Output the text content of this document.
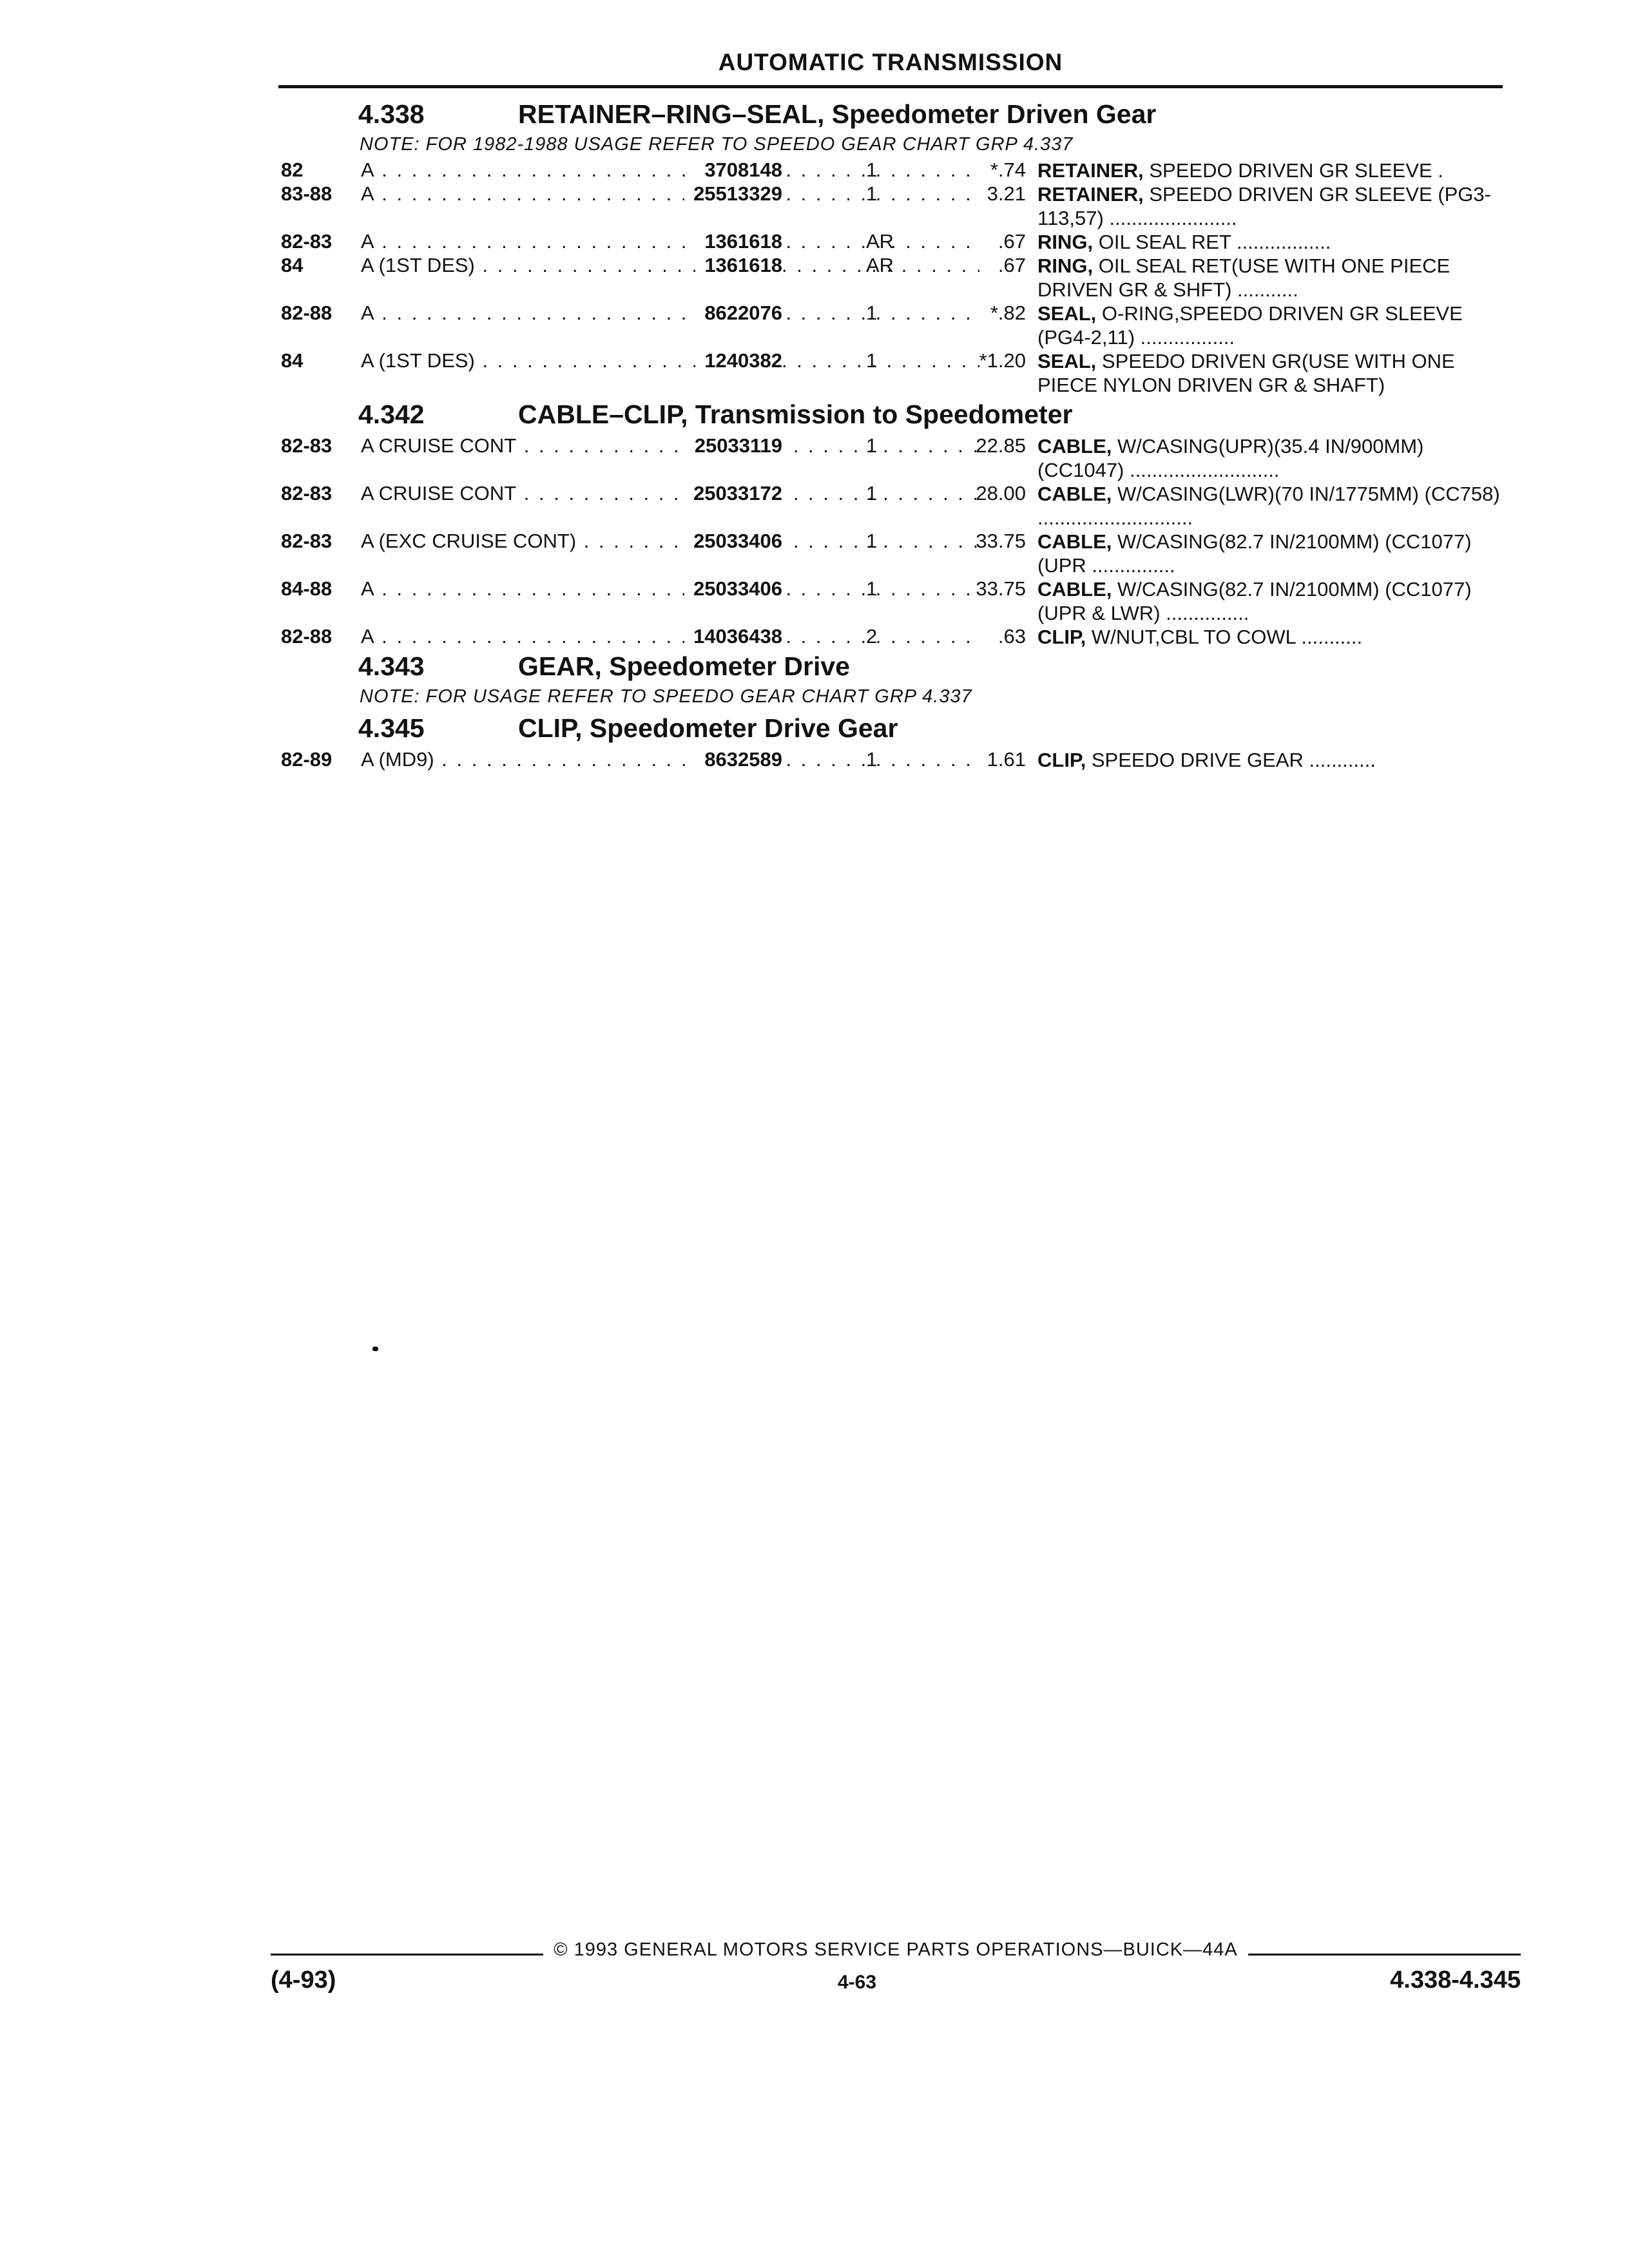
AUTOMATIC TRANSMISSION
4.338	RETAINER–RING–SEAL, Speedometer Driven Gear
NOTE: FOR 1982-1988 USAGE REFER TO SPEEDO GEAR CHART GRP 4.337
82	A . . .	3708148	1	*.74 RETAINER, SPEEDO DRIVEN GR SLEEVE .
83-88 A . . .	25513329	1	3.21 RETAINER, SPEEDO DRIVEN GR SLEEVE (PG3-113,57) .......................
82-83 A . . .	1361618	AR	.67 RING, OIL SEAL RET .................
84	A (1ST DES) . . .	1361618	AR	.67 RING, OIL SEAL RET(USE WITH ONE PIECE DRIVEN GR & SHFT) ...........
82-88 A . . .	8622076	1	*.82 SEAL, O-RING,SPEEDO DRIVEN GR SLEEVE (PG4-2,11) .................
84	A (1ST DES) . . .	1240382	1	*1.20 SEAL, SPEEDO DRIVEN GR(USE WITH ONE PIECE NYLON DRIVEN GR & SHAFT)
4.342	CABLE–CLIP, Transmission to Speedometer
82-83 A CRUISE CONT . . .	25033119	1	22.85 CABLE, W/CASING(UPR)(35.4 IN/900MM) (CC1047) ...........................
82-83 A CRUISE CONT . . .	25033172	1	28.00 CABLE, W/CASING(LWR)(70 IN/1775MM) (CC758) ............................
82-83 A (EXC CRUISE CONT) . . .	25033406	1	33.75 CABLE, W/CASING(82.7 IN/2100MM) (CC1077)(UPR ...............
84-88 A . . .	25033406	1	33.75 CABLE, W/CASING(82.7 IN/2100MM) (CC1077)(UPR & LWR) ...............
82-88 A . . .	14036438	2	.63 CLIP, W/NUT,CBL TO COWL ...........
4.343	GEAR, Speedometer Drive
NOTE: FOR USAGE REFER TO SPEEDO GEAR CHART GRP 4.337
4.345	CLIP, Speedometer Drive Gear
82-89 A (MD9) . . .	8632589	1	1.61 CLIP, SPEEDO DRIVE GEAR ............
© 1993 GENERAL MOTORS SERVICE PARTS OPERATIONS—BUICK—44A
(4-93)	4-63	4.338-4.345
